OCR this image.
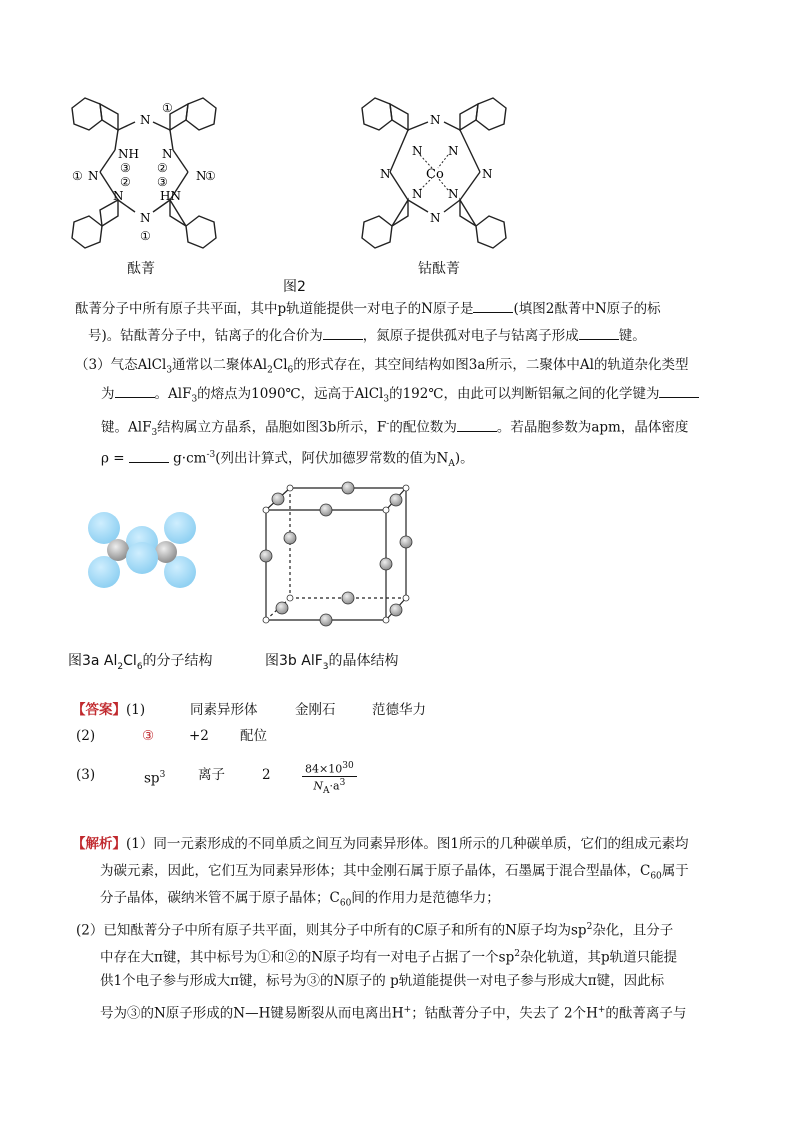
N
①
NH N
③ ②
② ③
① N	N
①
N	HN
N
①
N
N N
N	Co	N
N N
N
酞菁	钴酞菁
图2
酞菁分子中所有原子共平面，其中p轨道能提供一对电子的N原子是	(填图2酞菁中N原子的标
号)。钴酞菁分子中，钴离子的化合价为	，氮原子提供孤对电子与钴离子形成	键。
（3）气态AlCl$_3$通常以二聚体$Al_2Cl_6$的形式存在，其空间结构如图3a所示，二聚体中Al的轨道杂化类型
为	。AlF$_3$的熔点为1090℃，远高于AlCl$_3$的192℃，由此可以判断铝氟之间的化学键为
键。AlF$_3$结构属立方晶系，晶胞如图3b所示，F-的配位数为	。若晶胞参数为apm，晶体密度
ρ =	$g\cdot cm^{-3}$(列出计算式，阿伏加德罗常数的值为$N_A$)。
图3a $Al_2Cl_6$的分子结构	图3b AlF$_3$的晶体结构
【答案】(1)	同素异形体	金刚石	范德华力
(2)	③	+2 配位
(3)	$sp^3$ 离子	2	$\frac{84\times 10^{30}}{N_A\cdot a^3}$
【解析】(1）同一元素形成的不同单质之间互为同素异形体。图1所示的几种碳单质，它们的组成元素均
为碳元素，因此，它们互为同素异形体；其中金刚石属于原子晶体，石墨属于混合型晶体，$C_{60}$属于
分子晶体，碳纳米管不属于原子晶体；$C_{60}$间的作用力是范德华力；
(2）已知酞菁分子中所有原子共平面，则其分子中所有的C原子和所有的N原子均为$sp^2$杂化，且分子
中存在大π键，其中标号为①和②的N原子均有一对电子占据了一个$sp^2$杂化轨道，其p轨道只能提
供1个电子参与形成大π键，标号为③的N原子的 p轨道能提供一对电子参与形成大π键，因此标
号为③的N原子形成的N—H键易断裂从而电离出H+；钴酞菁分子中，失去了 2个H+的酞菁离子与
